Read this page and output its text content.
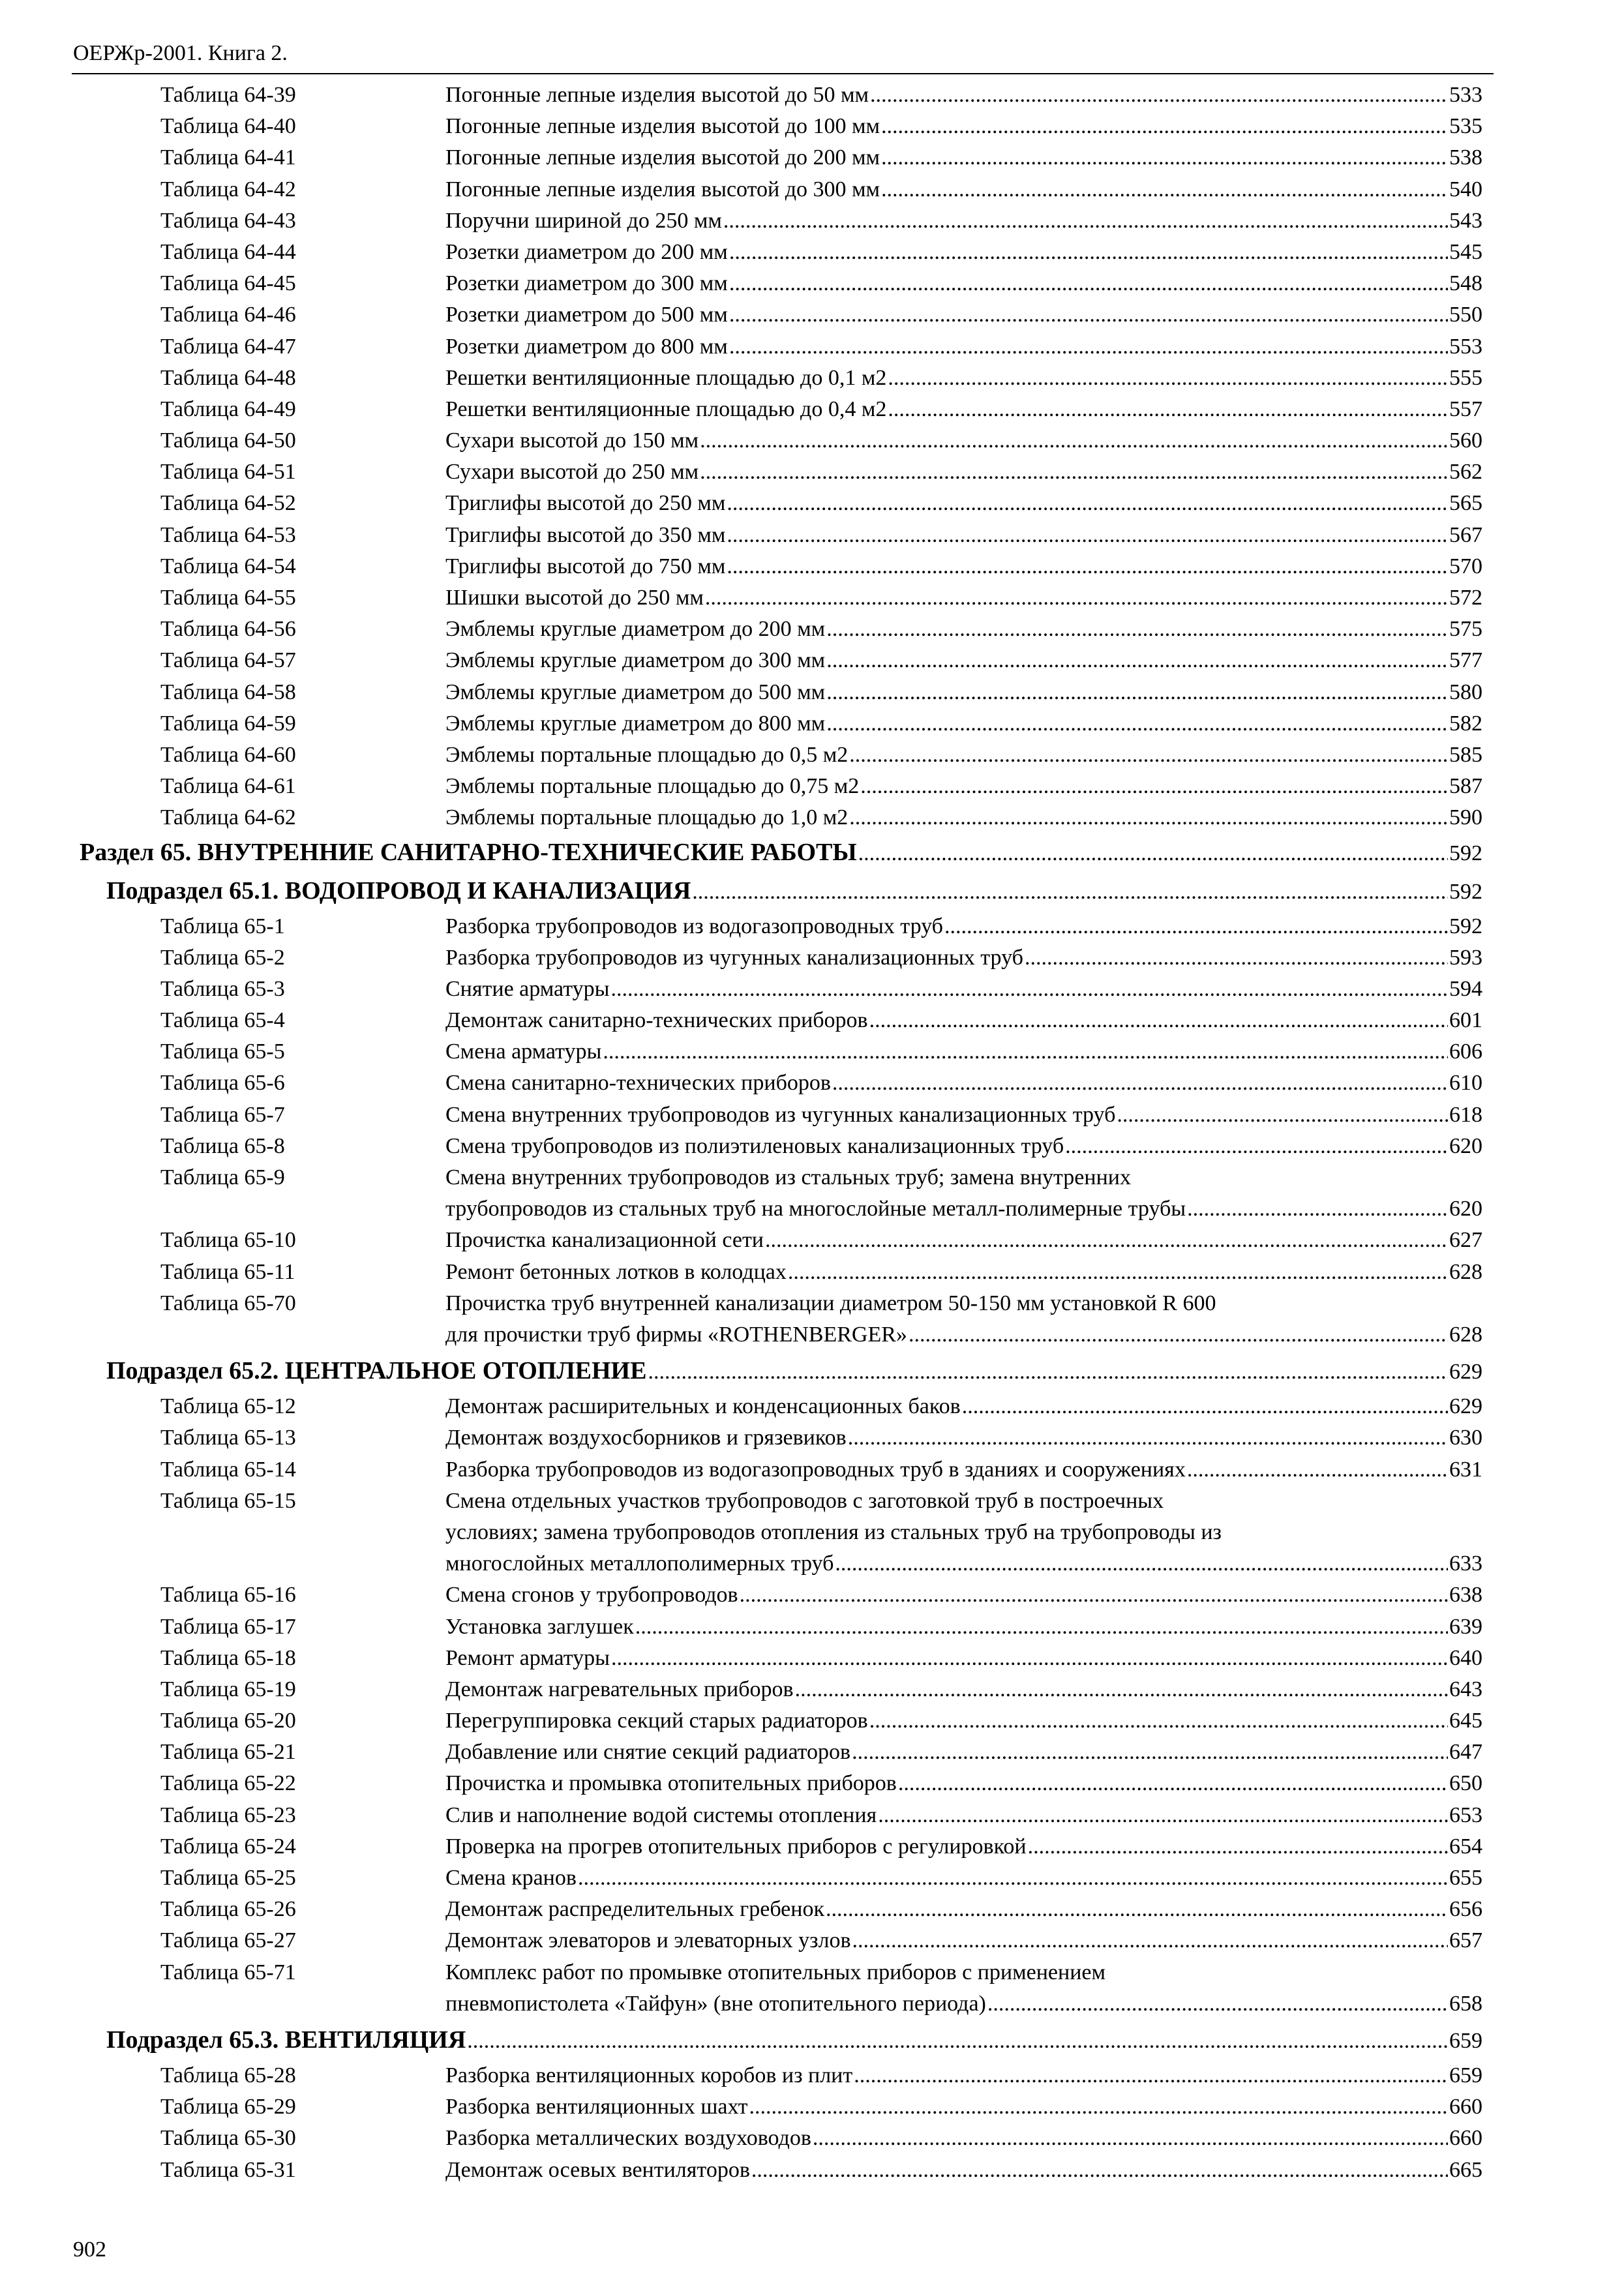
ОЕРЖр-2001. Книга 2.
Таблица 64-39	Погонные лепные изделия высотой до 50 мм .....	533
Таблица 64-40	Погонные лепные изделия высотой до 100 мм .....	535
Таблица 64-41	Погонные лепные изделия высотой до 200 мм .....	538
Таблица 64-42	Погонные лепные изделия высотой до 300 мм .....	540
Таблица 64-43	Поручни шириной до 250 мм .....	543
Таблица 64-44	Розетки диаметром до 200 мм .....	545
Таблица 64-45	Розетки диаметром до 300 мм .....	548
Таблица 64-46	Розетки диаметром до 500 мм .....	550
Таблица 64-47	Розетки диаметром до 800 мм .....	553
Таблица 64-48	Решетки вентиляционные площадью до 0,1 м2 .....	555
Таблица 64-49	Решетки вентиляционные площадью до 0,4 м2 .....	557
Таблица 64-50	Сухари высотой до 150 мм .....	560
Таблица 64-51	Сухари высотой до 250 мм .....	562
Таблица 64-52	Триглифы высотой до 250 мм .....	565
Таблица 64-53	Триглифы высотой до 350 мм .....	567
Таблица 64-54	Триглифы высотой до 750 мм .....	570
Таблица 64-55	Шишки высотой до 250 мм .....	572
Таблица 64-56	Эмблемы круглые диаметром до 200 мм .....	575
Таблица 64-57	Эмблемы круглые диаметром до 300 мм .....	577
Таблица 64-58	Эмблемы круглые диаметром до 500 мм .....	580
Таблица 64-59	Эмблемы круглые диаметром до 800 мм .....	582
Таблица 64-60	Эмблемы портальные площадью до 0,5 м2 .....	585
Таблица 64-61	Эмблемы портальные площадью до 0,75 м2 .....	587
Таблица 64-62	Эмблемы портальные площадью до 1,0 м2 .....	590
Раздел 65. ВНУТРЕННИЕ САНИТАРНО-ТЕХНИЧЕСКИЕ РАБОТЫ .....	592
Подраздел 65.1. ВОДОПРОВОД И КАНАЛИЗАЦИЯ .....	592
Таблица 65-1	Разборка трубопроводов из водогазопроводных труб .....	592
Таблица 65-2	Разборка трубопроводов из чугунных канализационных труб .....	593
Таблица 65-3	Снятие арматуры .....	594
Таблица 65-4	Демонтаж санитарно-технических приборов .....	601
Таблица 65-5	Смена арматуры .....	606
Таблица 65-6	Смена санитарно-технических приборов .....	610
Таблица 65-7	Смена внутренних трубопроводов из чугунных канализационных труб .....	618
Таблица 65-8	Смена трубопроводов из полиэтиленовых канализационных труб .....	620
Таблица 65-9	Смена внутренних трубопроводов из стальных труб; замена внутренних
трубопроводов из стальных труб на многослойные металл-полимерные трубы .....	620
Таблица 65-10	Прочистка канализационной сети .....	627
Таблица 65-11	Ремонт бетонных лотков в колодцах .....	628
Таблица 65-70	Прочистка труб внутренней канализации диаметром 50-150 мм установкой R 600
для прочистки труб фирмы «ROTHENBERGER» .....	628
Подраздел 65.2. ЦЕНТРАЛЬНОЕ ОТОПЛЕНИЕ .....	629
Таблица 65-12	Демонтаж расширительных и конденсационных баков .....	629
Таблица 65-13	Демонтаж воздухосборников и грязевиков .....	630
Таблица 65-14	Разборка трубопроводов из водогазопроводных труб в зданиях и сооружениях .....	631
Таблица 65-15	Смена отдельных участков трубопроводов с заготовкой труб в построечных
условиях; замена трубопроводов отопления из стальных труб на трубопроводы из
многослойных металлополимерных труб .....	633
Таблица 65-16	Смена сгонов у трубопроводов .....	638
Таблица 65-17	Установка заглушек .....	639
Таблица 65-18	Ремонт арматуры .....	640
Таблица 65-19	Демонтаж нагревательных приборов .....	643
Таблица 65-20	Перегруппировка секций старых радиаторов .....	645
Таблица 65-21	Добавление или снятие секций радиаторов .....	647
Таблица 65-22	Прочистка и промывка отопительных приборов .....	650
Таблица 65-23	Слив и наполнение водой системы отопления .....	653
Таблица 65-24	Проверка на прогрев отопительных приборов с регулировкой .....	654
Таблица 65-25	Смена кранов .....	655
Таблица 65-26	Демонтаж распределительных гребенок .....	656
Таблица 65-27	Демонтаж элеваторов и элеваторных узлов .....	657
Таблица 65-71	Комплекс работ по промывке отопительных приборов с применением
пневмопистолета «Тайфун» (вне отопительного периода) .....	658
Подраздел 65.3. ВЕНТИЛЯЦИЯ .....	659
Таблица 65-28	Разборка вентиляционных коробов из плит .....	659
Таблица 65-29	Разборка вентиляционных шахт .....	660
Таблица 65-30	Разборка металлических воздуховодов .....	660
Таблица 65-31	Демонтаж осевых вентиляторов .....	665
902
